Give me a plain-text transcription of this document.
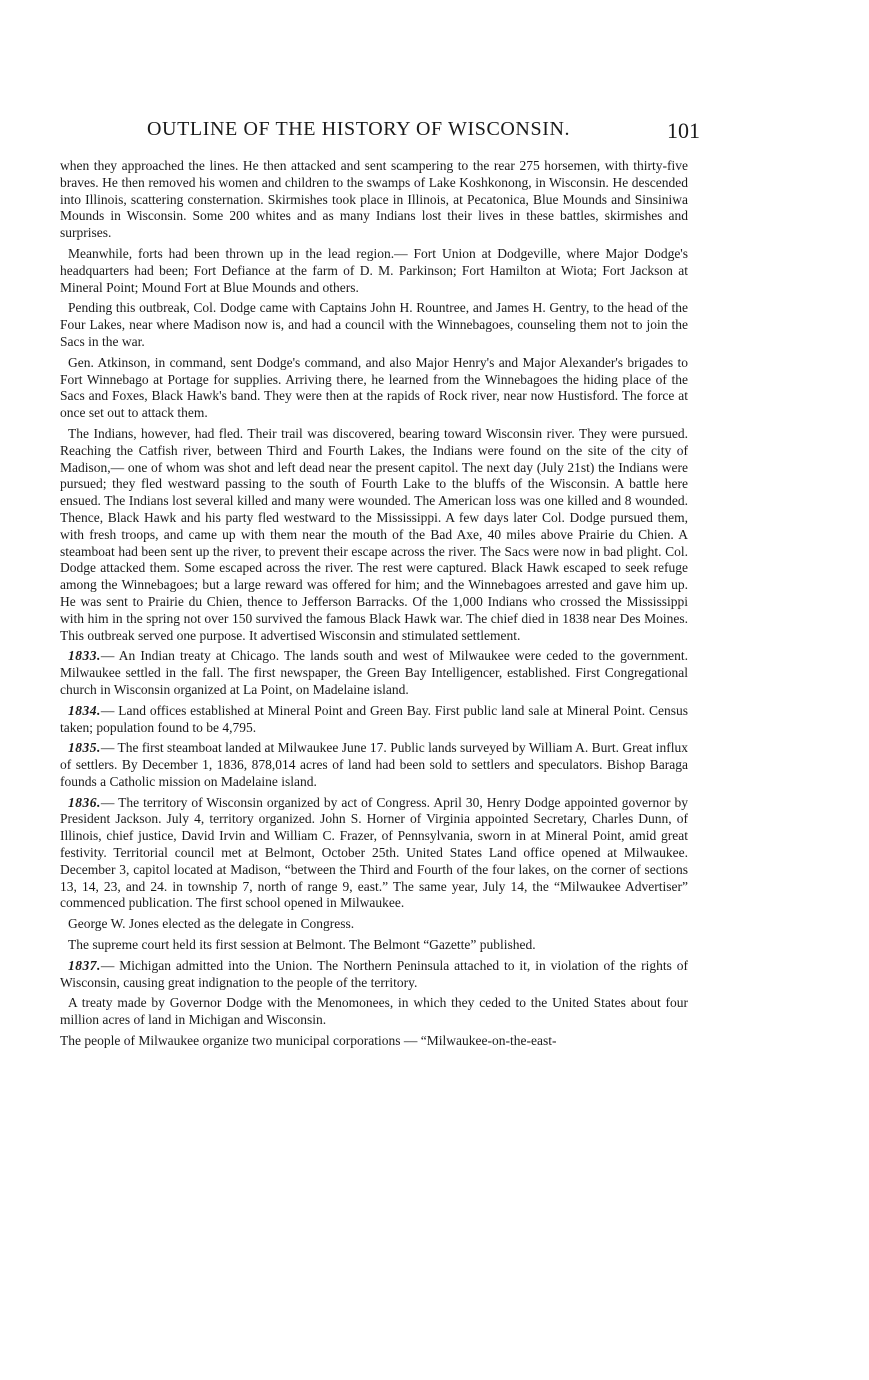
OUTLINE OF THE HISTORY OF WISCONSIN.	101

when they approached the lines. He then attacked and sent scampering to the rear 275 horsemen, with thirty-five braves. He then removed his women and children to the swamps of Lake Koshkonong, in Wisconsin. He descended into Illinois, scattering consternation. Skirmishes took place in Illinois, at Pecatonica, Blue Mounds and Sinsiniwa Mounds in Wisconsin. Some 200 whites and as many Indians lost their lives in these battles, skirmishes and surprises.

Meanwhile, forts had been thrown up in the lead region.— Fort Union at Dodgeville, where Major Dodge's headquarters had been; Fort Defiance at the farm of D. M. Parkinson; Fort Hamilton at Wiota; Fort Jackson at Mineral Point; Mound Fort at Blue Mounds and others.

Pending this outbreak, Col. Dodge came with Captains John H. Rountree, and James H. Gentry, to the head of the Four Lakes, near where Madison now is, and had a council with the Winnebagoes, counseling them not to join the Sacs in the war.

Gen. Atkinson, in command, sent Dodge's command, and also Major Henry's and Major Alexander's brigades to Fort Winnebago at Portage for supplies. Arriving there, he learned from the Winnebagoes the hiding place of the Sacs and Foxes, Black Hawk's band. They were then at the rapids of Rock river, near now Hustisford. The force at once set out to attack them.

The Indians, however, had fled. Their trail was discovered, bearing toward Wisconsin river. They were pursued. Reaching the Catfish river, between Third and Fourth Lakes, the Indians were found on the site of the city of Madison,— one of whom was shot and left dead near the present capitol. The next day (July 21st) the Indians were pursued; they fled westward passing to the south of Fourth Lake to the bluffs of the Wisconsin. A battle here ensued. The Indians lost several killed and many were wounded. The American loss was one killed and 8 wounded. Thence, Black Hawk and his party fled westward to the Mississippi. A few days later Col. Dodge pursued them, with fresh troops, and came up with them near the mouth of the Bad Axe, 40 miles above Prairie du Chien. A steamboat had been sent up the river, to prevent their escape across the river. The Sacs were now in bad plight. Col. Dodge attacked them. Some escaped across the river. The rest were captured. Black Hawk escaped to seek refuge among the Winnebagoes; but a large reward was offered for him; and the Winnebagoes arrested and gave him up. He was sent to Prairie du Chien, thence to Jefferson Barracks. Of the 1,000 Indians who crossed the Mississippi with him in the spring not over 150 survived the famous Black Hawk war. The chief died in 1838 near Des Moines. This outbreak served one purpose. It advertised Wisconsin and stimulated settlement.

1833.— An Indian treaty at Chicago. The lands south and west of Milwaukee were ceded to the government. Milwaukee settled in the fall. The first newspaper, the Green Bay Intelligencer, established. First Congregational church in Wisconsin organized at La Point, on Madelaine island.

1834.— Land offices established at Mineral Point and Green Bay. First public land sale at Mineral Point. Census taken; population found to be 4,795.

1835.— The first steamboat landed at Milwaukee June 17. Public lands surveyed by William A. Burt. Great influx of settlers. By December 1, 1836, 878,014 acres of land had been sold to settlers and speculators. Bishop Baraga founds a Catholic mission on Madelaine island.

1836.— The territory of Wisconsin organized by act of Congress. April 30, Henry Dodge appointed governor by President Jackson. July 4, territory organized. John S. Horner of Virginia appointed Secretary, Charles Dunn, of Illinois, chief justice, David Irvin and William C. Frazer, of Pennsylvania, sworn in at Mineral Point, amid great festivity. Territorial council met at Belmont, October 25th. United States Land office opened at Milwaukee. December 3, capitol located at Madison, “between the Third and Fourth of the four lakes, on the corner of sections 13, 14, 23, and 24. in township 7, north of range 9, east.” The same year, July 14, the “Milwaukee Advertiser” commenced publication. The first school opened in Milwaukee.

George W. Jones elected as the delegate in Congress.

The supreme court held its first session at Belmont. The Belmont “Gazette” published.

1837.— Michigan admitted into the Union. The Northern Peninsula attached to it, in violation of the rights of Wisconsin, causing great indignation to the people of the territory.

A treaty made by Governor Dodge with the Menomonees, in which they ceded to the United States about four million acres of land in Michigan and Wisconsin.

The people of Milwaukee organize two municipal corporations — “Milwaukee-on-the-east-
